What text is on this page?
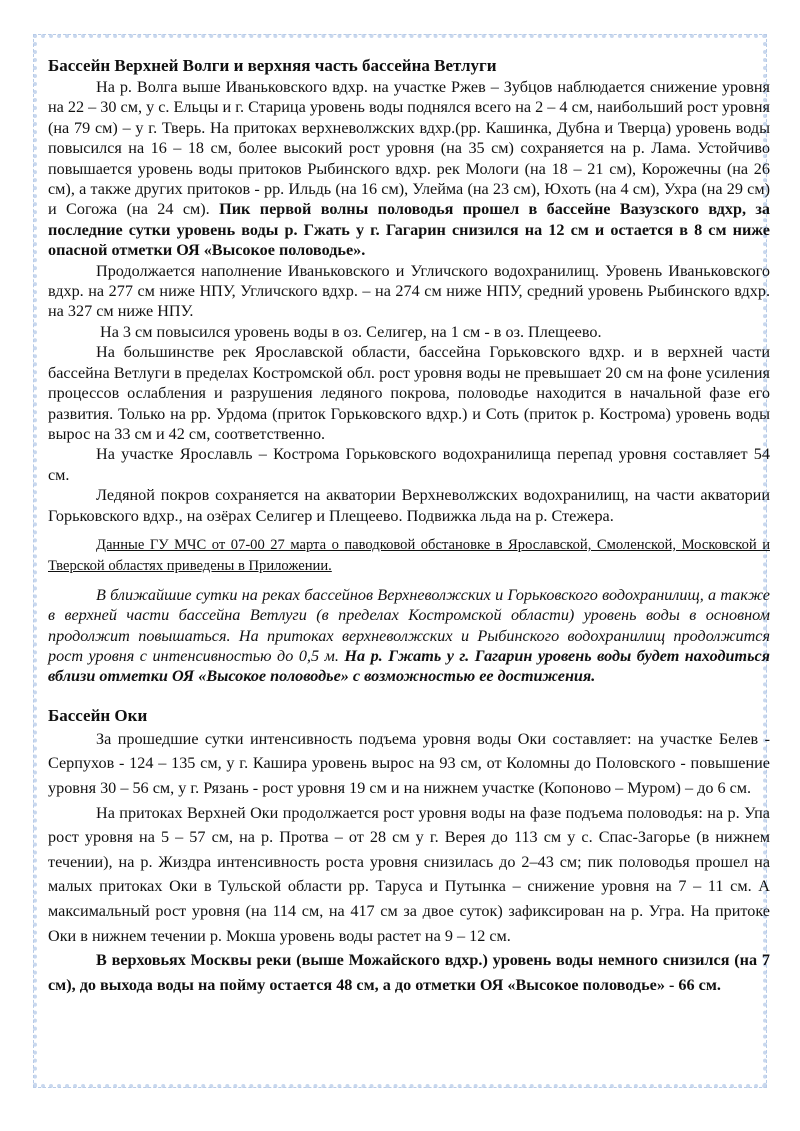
Бассейн Верхней Волги и верхняя часть бассейна Ветлуги

На р. Волга выше Иваньковского вдхр. на участке Ржев – Зубцов наблюдается снижение уровня на 22 – 30 см, у с. Ельцы и г. Старица уровень воды поднялся всего на 2 – 4 см, наибольший рост уровня (на 79 см) – у г. Тверь. На притоках верхневолжских вдхр.(рр. Кашинка, Дубна и Тверца) уровень воды повысился на 16 – 18 см, более высокий рост уровня (на 35 см) сохраняется на р. Лама. Устойчиво повышается уровень воды притоков Рыбинского вдхр. рек Мологи (на 18 – 21 см), Корожечны (на 26 см), а также других притоков - рр. Ильдь (на 16 см), Улейма (на 23 см), Юхоть (на 4 см), Ухра (на 29 см) и Согожа (на 24 см). Пик первой волны половодья прошел в бассейне Вазузского вдхр, за последние сутки уровень воды р. Гжать у г. Гагарин снизился на 12 см и остается в 8 см ниже опасной отметки ОЯ «Высокое половодье».

Продолжается наполнение Иваньковского и Угличского водохранилищ. Уровень Иваньковского вдхр. на 277 см ниже НПУ, Угличского вдхр. – на 274 см ниже НПУ, средний уровень Рыбинского вдхр. на 327 см ниже НПУ.

На 3 см повысился уровень воды в оз. Селигер, на 1 см - в оз. Плещеево.

На большинстве рек Ярославской области, бассейна Горьковского вдхр. и в верхней части бассейна Ветлуги в пределах Костромской обл. рост уровня воды не превышает 20 см на фоне усиления процессов ослабления и разрушения ледяного покрова, половодье находится в начальной фазе его развития. Только на рр. Урдома (приток Горьковского вдхр.) и Соть (приток р. Кострома) уровень воды вырос на 33 см и 42 см, соответственно.

На участке Ярославль – Кострома Горьковского водохранилища перепад уровня составляет 54 см.

Ледяной покров сохраняется на акватории Верхневолжских водохранилищ, на части акватории Горьковского вдхр., на озёрах Селигер и Плещеево. Подвижка льда на р. Стежера.

Данные ГУ МЧС от 07-00 27 марта о паводковой обстановке в Ярославской, Смоленской, Московской и Тверской областях приведены в Приложении.

В ближайшие сутки на реках бассейнов Верхневолжских и Горьковского водохранилищ, а также в верхней части бассейна Ветлуги (в пределах Костромской области) уровень воды в основном продолжит повышаться. На притоках верхневолжских и Рыбинского водохранилищ продолжится рост уровня с интенсивностью до 0,5 м. На р. Гжать у г. Гагарин уровень воды будет находиться вблизи отметки ОЯ «Высокое половодье» с возможностью ее достижения.

Бассейн Оки

За прошедшие сутки интенсивность подъема уровня воды Оки составляет: на участке Белев - Серпухов - 124 – 135 см, у г. Кашира уровень вырос на 93 см, от Коломны до Половского - повышение уровня 30 – 56 см, у г. Рязань - рост уровня 19 см и на нижнем участке (Копоново – Муром) – до 6 см.

На притоках Верхней Оки продолжается рост уровня воды на фазе подъема половодья: на р. Упа рост уровня на 5 – 57 см, на р. Протва – от 28 см у г. Верея до 113 см у с. Спас-Загорье (в нижнем течении), на р. Жиздра интенсивность роста уровня снизилась до 2–43 см; пик половодья прошел на малых притоках Оки в Тульской области рр. Таруса и Путынка – снижение уровня на 7 – 11 см. А максимальный рост уровня (на 114 см, на 417 см за двое суток) зафиксирован на р. Угра. На притоке Оки в нижнем течении р. Мокша уровень воды растет на 9 – 12 см.

В верховьях Москвы реки (выше Можайского вдхр.) уровень воды немного снизился (на 7 см), до выхода воды на пойму остается 48 см, а до отметки ОЯ «Высокое половодье» - 66 см.
